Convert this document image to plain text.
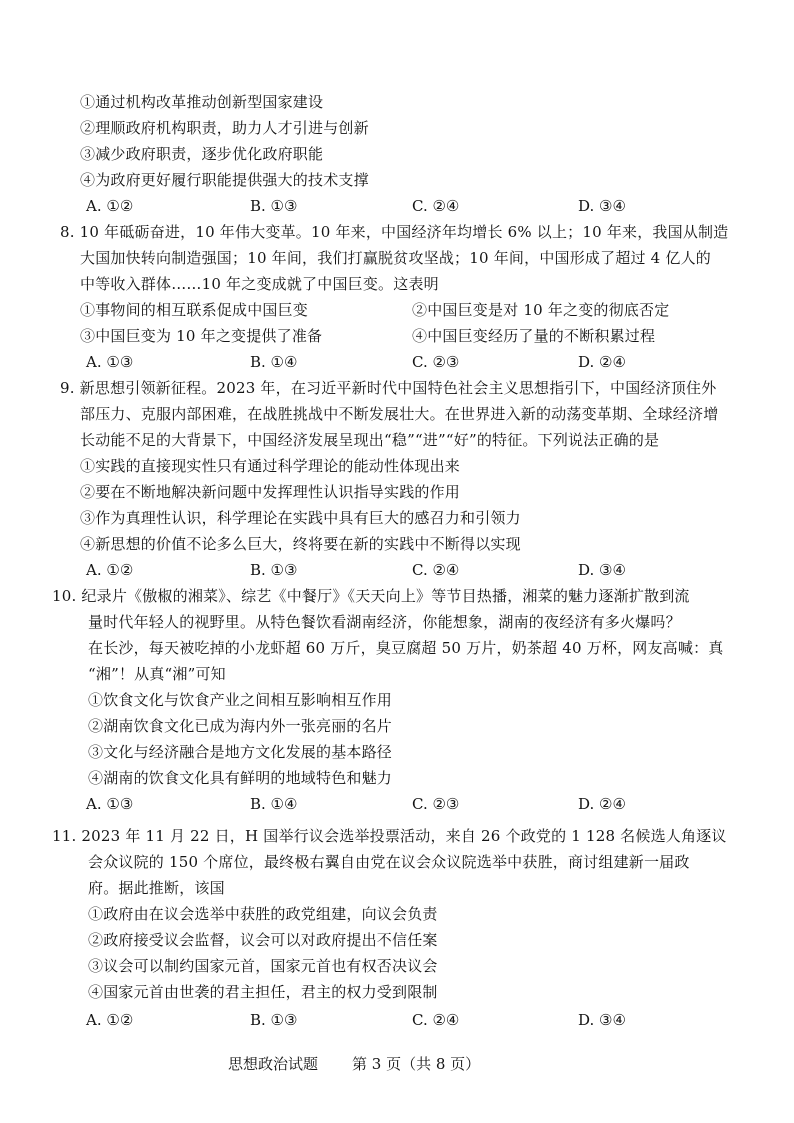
①通过机构改革推动创新型国家建设
②理顺政府机构职责，助力人才引进与创新
③减少政府职责，逐步优化政府职能
④为政府更好履行职能提供强大的技术支撑
A. ①②	B. ①③	C. ②④	D. ③④
8. 10 年砥砺奋进，10 年伟大变革。10 年来，中国经济年均增长 6% 以上；10 年来，我国从制造
大国加快转向制造强国；10 年间，我们打赢脱贫攻坚战；10 年间，中国形成了超过 4 亿人的
中等收入群体……10 年之变成就了中国巨变。这表明
①事物间的相互联系促成中国巨变	②中国巨变是对 10 年之变的彻底否定
③中国巨变为 10 年之变提供了准备	④中国巨变经历了量的不断积累过程
A. ①③	B. ①④	C. ②③	D. ②④
9. 新思想引领新征程。2023 年，在习近平新时代中国特色社会主义思想指引下，中国经济顶住外
部压力、克服内部困难，在战胜挑战中不断发展壮大。在世界进入新的动荡变革期、全球经济增
长动能不足的大背景下，中国经济发展呈现出“稳”“进”“好”的特征。下列说法正确的是
①实践的直接现实性只有通过科学理论的能动性体现出来
②要在不断地解决新问题中发挥理性认识指导实践的作用
③作为真理性认识，科学理论在实践中具有巨大的感召力和引领力
④新思想的价值不论多么巨大，终将要在新的实践中不断得以实现
A. ①②	B. ①③	C. ②④	D. ③④
10. 纪录片《傲椒的湘菜》、综艺《中餐厅》《天天向上》等节目热播，湘菜的魅力逐渐扩散到流
量时代年轻人的视野里。从特色餐饮看湖南经济，你能想象，湖南的夜经济有多火爆吗？
在长沙，每天被吃掉的小龙虾超 60 万斤，臭豆腐超 50 万片，奶茶超 40 万杯，网友高喊：真
“湘”！从真“湘”可知
①饮食文化与饮食产业之间相互影响相互作用
②湖南饮食文化已成为海内外一张亮丽的名片
③文化与经济融合是地方文化发展的基本路径
④湖南的饮食文化具有鲜明的地域特色和魅力
A. ①③	B. ①④	C. ②③	D. ②④
11. 2023 年 11 月 22 日，H 国举行议会选举投票活动，来自 26 个政党的 1 128 名候选人角逐议
会众议院的 150 个席位，最终极右翼自由党在议会众议院选举中获胜，商讨组建新一届政
府。据此推断，该国
①政府由在议会选举中获胜的政党组建，向议会负责
②政府接受议会监督，议会可以对政府提出不信任案
③议会可以制约国家元首，国家元首也有权否决议会
④国家元首由世袭的君主担任，君主的权力受到限制
A. ①②	B. ①③	C. ②④	D. ③④
思想政治试题 第 3 页（共 8 页）
